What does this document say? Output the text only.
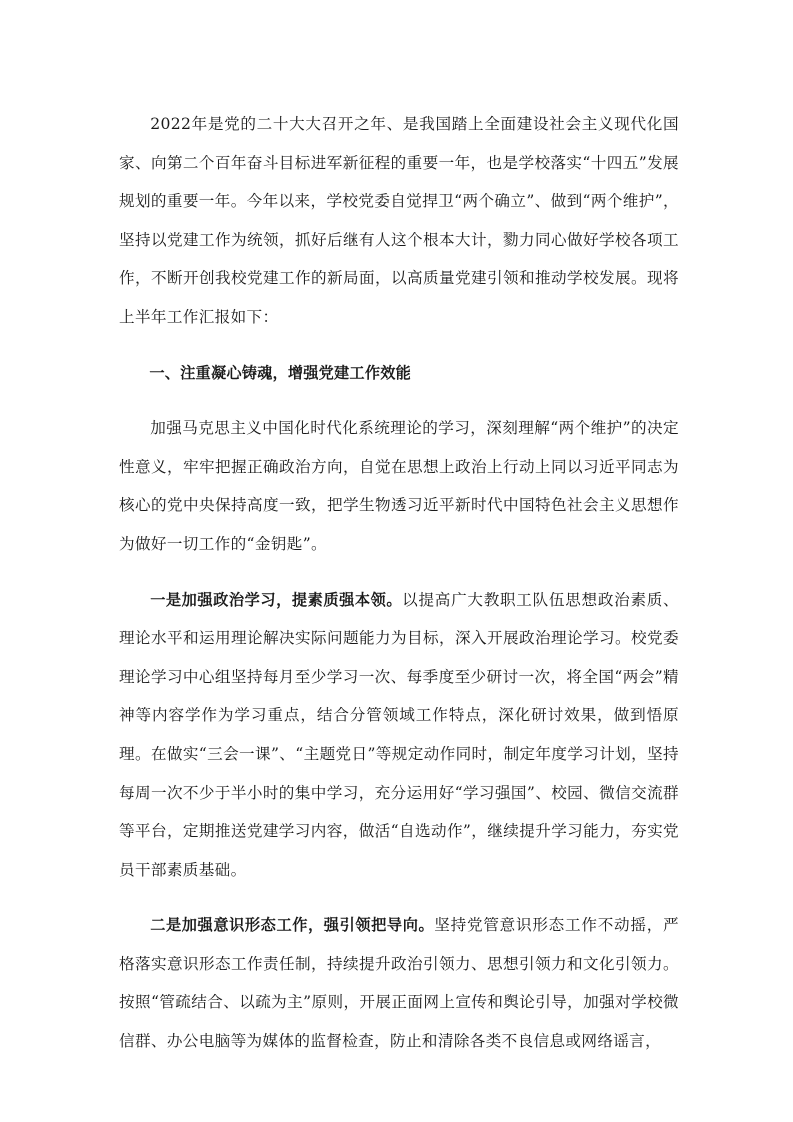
2022年是党的二十大大召开之年、是我国踏上全面建设社会主义现代化国家、向第二个百年奋斗目标进军新征程的重要一年，也是学校落实“十四五”发展规划的重要一年。今年以来，学校党委自觉捍卫“两个确立”、做到“两个维护”，坚持以党建工作为统领，抓好后继有人这个根本大计，勠力同心做好学校各项工作，不断开创我校党建工作的新局面，以高质量党建引领和推动学校发展。现将上半年工作汇报如下：

一、注重凝心铸魂，增强党建工作效能

加强马克思主义中国化时代化系统理论的学习，深刻理解“两个维护”的决定性意义，牢牢把握正确政治方向，自觉在思想上政治上行动上同以习近平同志为核心的党中央保持高度一致，把学生物透习近平新时代中国特色社会主义思想作为做好一切工作的“金钥匙”。

一是加强政治学习，提素质强本领。以提高广大教职工队伍思想政治素质、理论水平和运用理论解决实际问题能力为目标，深入开展政治理论学习。校党委理论学习中心组坚持每月至少学习一次、每季度至少研讨一次，将全国“两会”精神等内容学作为学习重点，结合分管领域工作特点，深化研讨效果，做到悟原理。在做实“三会一课”、“主题党日”等规定动作同时，制定年度学习计划，坚持每周一次不少于半小时的集中学习，充分运用好“学习强国”、校园、微信交流群等平台，定期推送党建学习内容，做活“自选动作”，继续提升学习能力，夯实党员干部素质基础。

二是加强意识形态工作，强引领把导向。坚持党管意识形态工作不动摇，严格落实意识形态工作责任制，持续提升政治引领力、思想引领力和文化引领力。按照“管疏结合、以疏为主”原则，开展正面网上宣传和舆论引导，加强对学校微信群、办公电脑等为媒体的监督检查，防止和清除各类不良信息或网络谣言，
